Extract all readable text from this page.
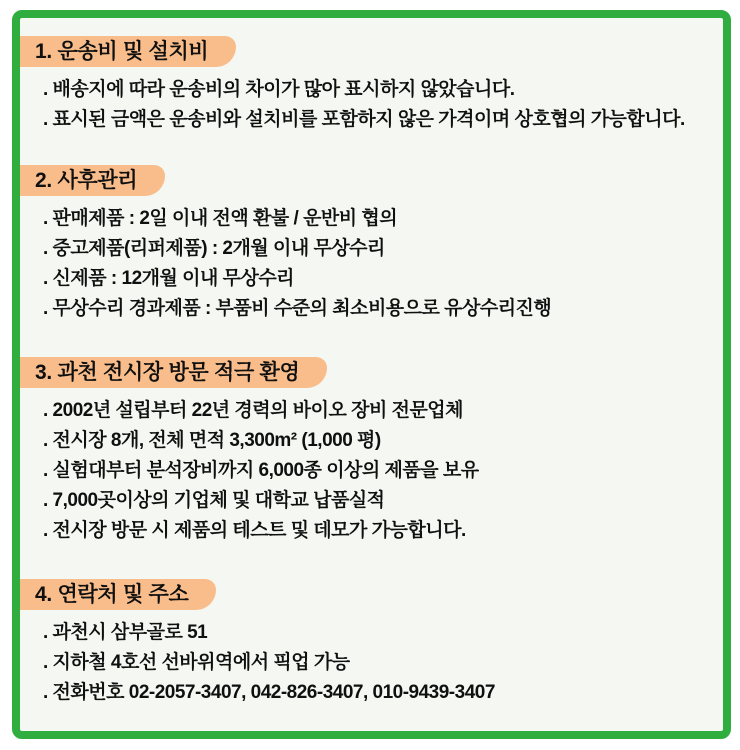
1. 운송비 및 설치비
. 배송지에 따라 운송비의 차이가 많아 표시하지 않았습니다.
. 표시된 금액은 운송비와 설치비를 포함하지 않은 가격이며 상호협의 가능합니다.
2. 사후관리
. 판매제품 : 2일 이내 전액 환불 / 운반비 협의
. 중고제품(리퍼제품) : 2개월 이내 무상수리
. 신제품 : 12개월 이내 무상수리
. 무상수리 경과제품 : 부품비 수준의 최소비용으로 유상수리진행
3. 과천 전시장 방문 적극 환영
. 2002년 설립부터 22년 경력의 바이오 장비 전문업체
. 전시장 8개, 전체 면적 3,300m² (1,000 평)
. 실험대부터 분석장비까지 6,000종 이상의 제품을 보유
. 7,000곳이상의 기업체 및 대학교 납품실적
. 전시장 방문 시 제품의 테스트 및 데모가 가능합니다.
4. 연락처 및 주소
. 과천시 삼부골로 51
. 지하철 4호선 선바위역에서 픽업 가능
. 전화번호 02-2057-3407, 042-826-3407, 010-9439-3407
